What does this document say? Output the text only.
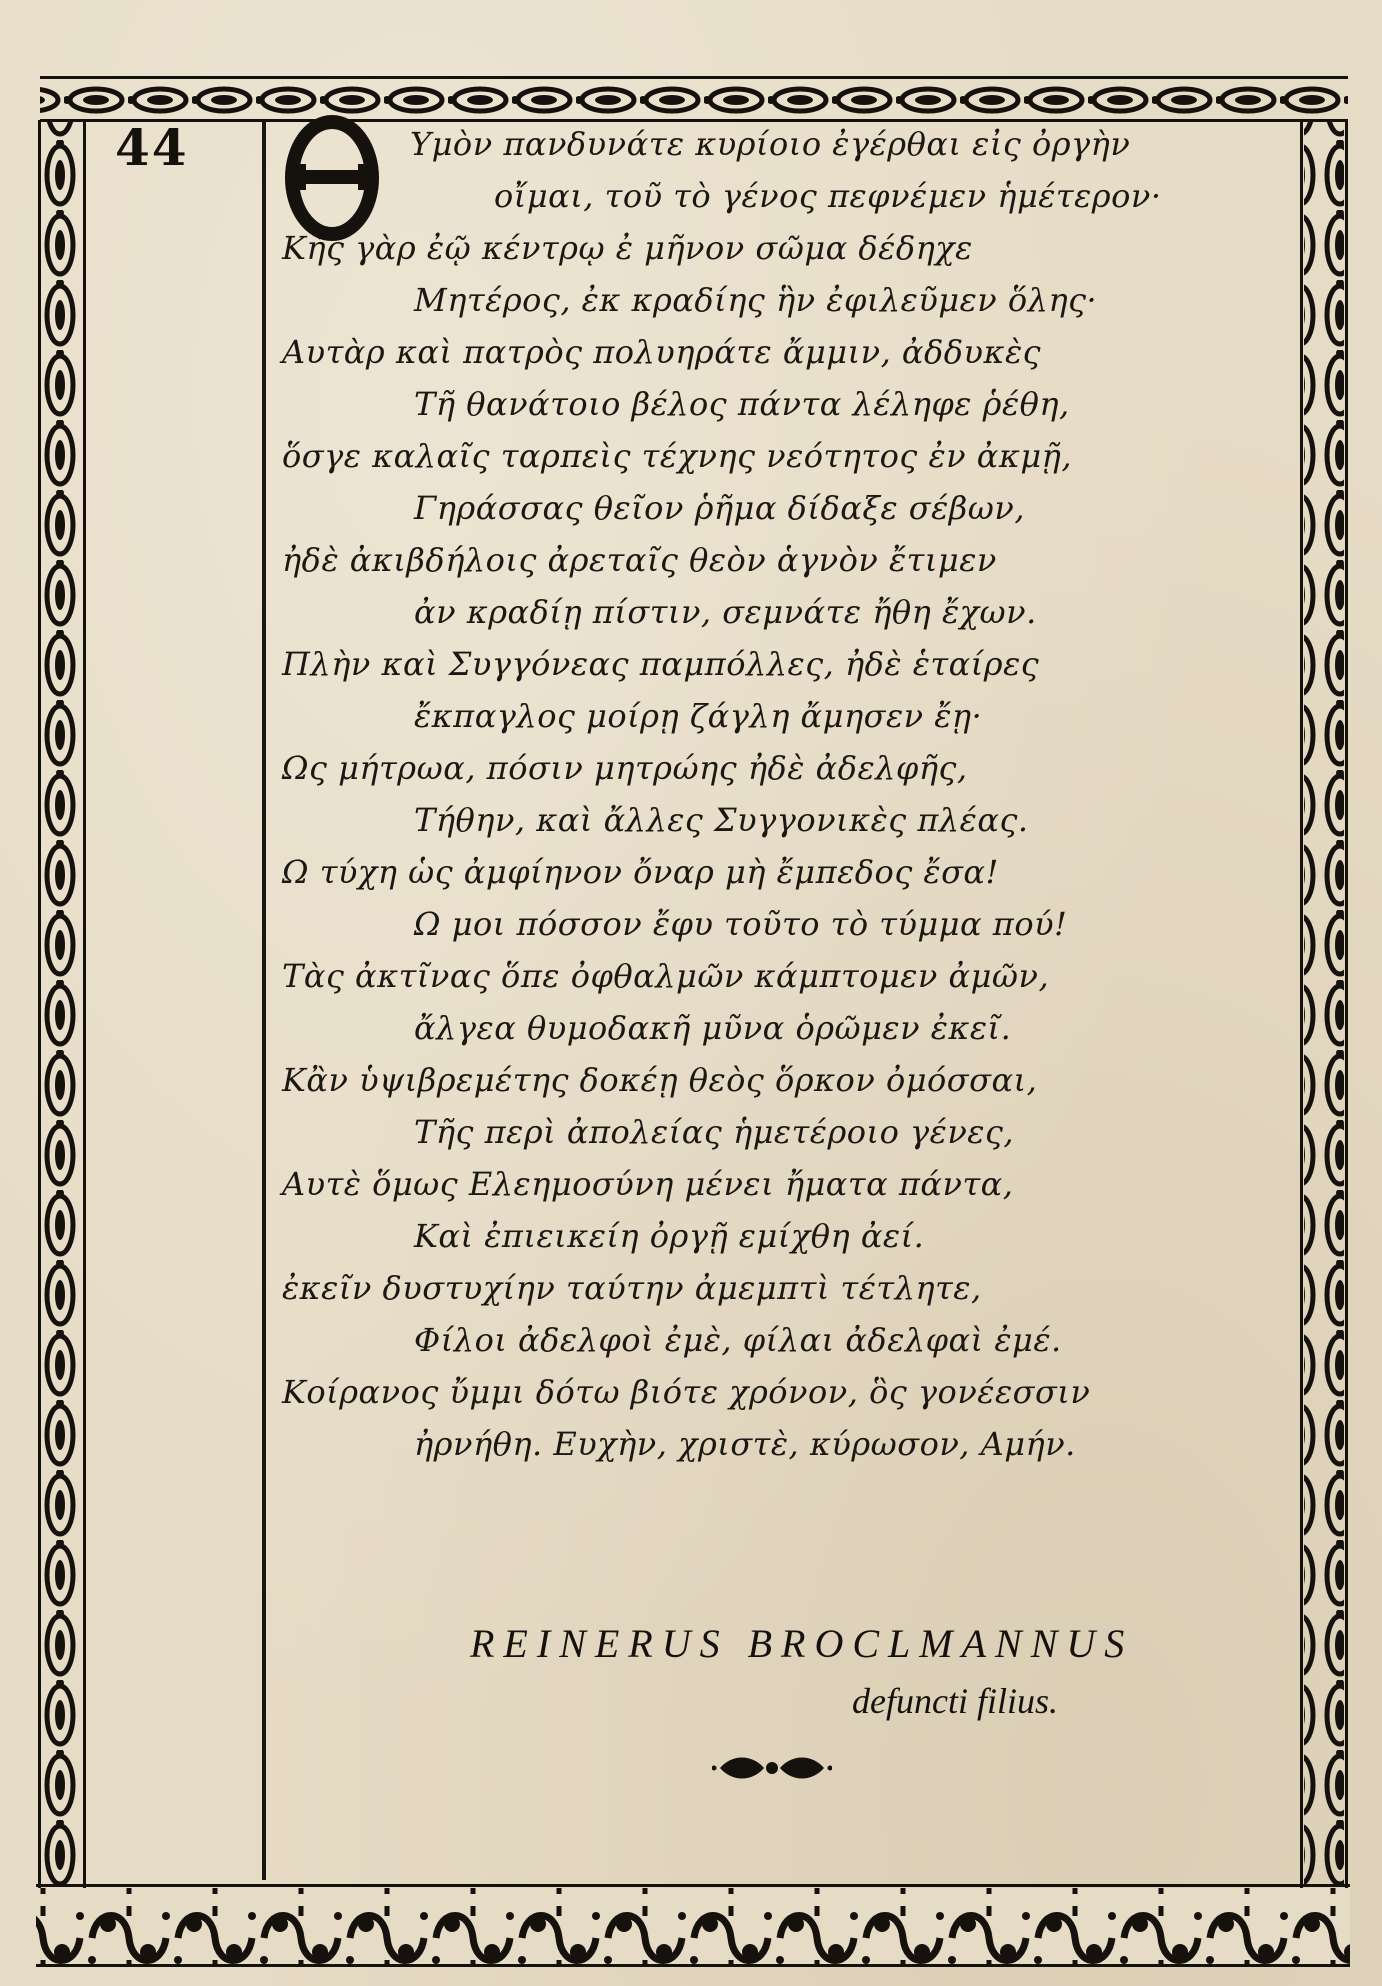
44	Υμὸν πανδυνάτε κυρίοιο ἐγέρθαι εἰς ὀργὴν
οἴμαι, τοῦ τὸ γένος πεφνέμεν ἡμέτερον·
Κὴς γὰρ ἐῷ κέντρῳ ἐ μῆνον σῶμα δέδηχε
Μητέρος, ἐκ κραδίης ἣν ἐφιλεῦμεν ὅλης·
Αυτὰρ καὶ πατρὸς πολυηράτε ἄμμιν, ἀδδυκὲς
Τῆ θανάτοιο βέλος πάντα λέληφε ῥέθη,
ὅσγε καλαῖς ταρπεὶς τέχνης νεότητος ἐν ἀκμῇ,
Γηράσσας θεῖον ῥῆμα δίδαξε σέβων,
ἠδὲ ἀκιβδήλοις ἀρεταῖς θεὸν ἁγνὸν ἔτιμεν
ἀν κραδίῃ πίστιν, σεμνάτε ἤθη ἔχων.
Πλὴν καὶ Συγγόνεας παμπόλλες, ἠδὲ ἑταίρες
ἔκπαγλος μοίρῃ ζάγλη ἄμησεν ἔῃ·
Ως μήτρωα, πόσιν μητρώης ἠδὲ ἀδελφῆς,
Τήθην, καὶ ἄλλες Συγγονικὲς πλέας.
Ω τύχη ὡς ἀμφίηνον ὄναρ μὴ ἔμπεδος ἔσα!
Ω μοι πόσσον ἔφυ τοῦτο τὸ τύμμα πού!
Τὰς ἀκτῖνας ὅπε ὀφθαλμῶν κάμπτομεν ἀμῶν,
ἄλγεα θυμοδακῆ μῦνα ὁρῶμεν ἐκεῖ.
Κἂν ὑψιβρεμέτης δοκέῃ θεὸς ὅρκον ὀμόσσαι,
Τῆς περὶ ἀπολείας ἡμετέροιο γένες,
Αυτὲ ὅμως Ελεημοσύνη μένει ἤματα πάντα,
Καὶ ἐπιεικείη ὀργῇ εμίχθη ἀεί.
ἐκεῖν δυστυχίην ταύτην ἀμεμπτὶ τέτλητε,
Φίλοι ἀδελφοὶ ἐμὲ, φίλαι ἀδελφαὶ ἐμέ.
Κοίρανος ὔμμι δότω βιότε χρόνον, ὃς γονέεσσιν
ἠρνήθη. Ευχὴν, χριστὲ, κύρωσον, Αμήν.
REINERUS BROCLMANNUS
defuncti filius.
